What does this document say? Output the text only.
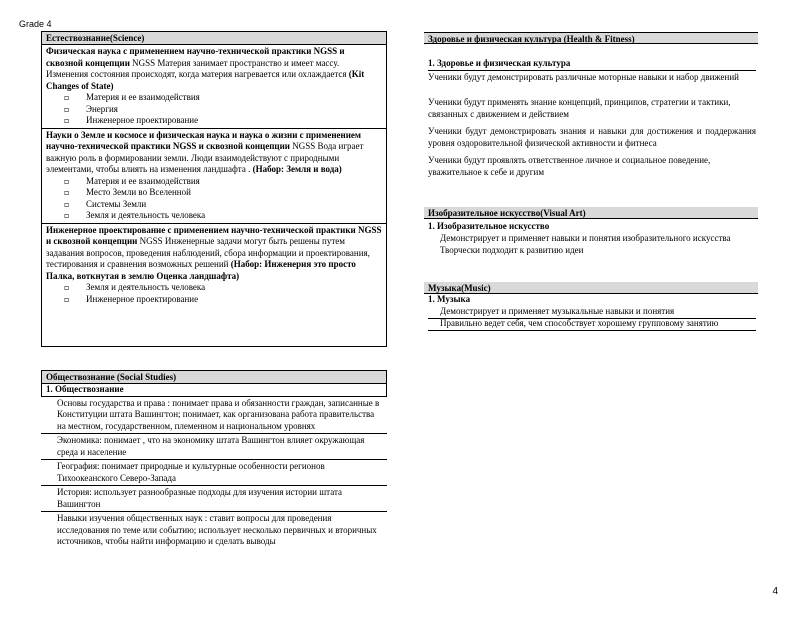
Grade 4
4
Естествознание(Science)
Физическая наука с применением научно-технической практики NGSS и сквозной концепции NGSS Материя занимает пространство и имеет массу. Изменения состояния происходят, когда материя нагревается или охлаждается (Kit Changes of State)
▫ Материя и ее взаимодействия
▫ Энергия
▫ Инженерное проектирование
Науки о Земле и космосе и физическая наука и наука о жизни с применением научно-технической практики NGSS и сквозной концепции NGSS Вода играет важную роль в формировании земли. Люди взаимодействуют с природными элементами, чтобы влиять на изменения ландшафта . (Набор: Земля и вода)
▫ Материя и ее взаимодействия
▫ Место Земли во Вселенной
▫ Системы Земли
▫ Земля и деятельность человека
Инженерное проектирование с применением научно-технической практики NGSS и сквозной концепции NGSS Инженерные задачи могут быть решены путем задавания вопросов, проведения наблюдений, сбора информации и проектирования, тестирования и сравнения возможных решений (Набор: Инженерия это просто Палка, воткнутая в землю Оценка ландшафта)
▫ Земля и деятельность человека
▫ Инженерное проектирование
Обществознание (Social Studies)
1. Обществознание
Основы государства и права : понимает права и обязанности граждан, записанные в Конституции штата Вашингтон; понимает, как организована работа правительства на местном, государственном, племенном и национальном уровнях
Экономика: понимает , что на экономику штата Вашингтон влияет окружающая среда и население
География: понимает природные и культурные особенности регионов Тихоокеанского Северо-Запада
История: использует разнообразные подходы для изучения истории штата Вашингтон
Навыки изучения общественных наук : ставит вопросы для проведения исследования по теме или событию; использует несколько первичных и вторичных источников, чтобы найти информацию и сделать выводы
Здоровье и физическая культура (Health & Fitness)
1. Здоровье и физическая культура
Ученики будут демонстрировать различные моторные навыки и набор движений
Ученики будут применять знание концепций, принципов, стратегии и тактики, связанных с движением и действием
Ученики будут демонстрировать знания и навыки для достижения и поддержания уровня оздоровительной физической активности и фитнеса
Ученики будут проявлять ответственное личное и социальное поведение, уважительное к себе и другим
Изобразительное искусство(Visual Art)
1. Изобразительное искусство
Демонстрирует и применяет навыки и понятия изобразительного искусства
Творчески подходит к развитию идеи
Музыка(Music)
1. Музыка
Демонстрирует и применяет музыкальные навыки и понятия
Правильно ведет себя, чем способствует хорошему групповому занятию
